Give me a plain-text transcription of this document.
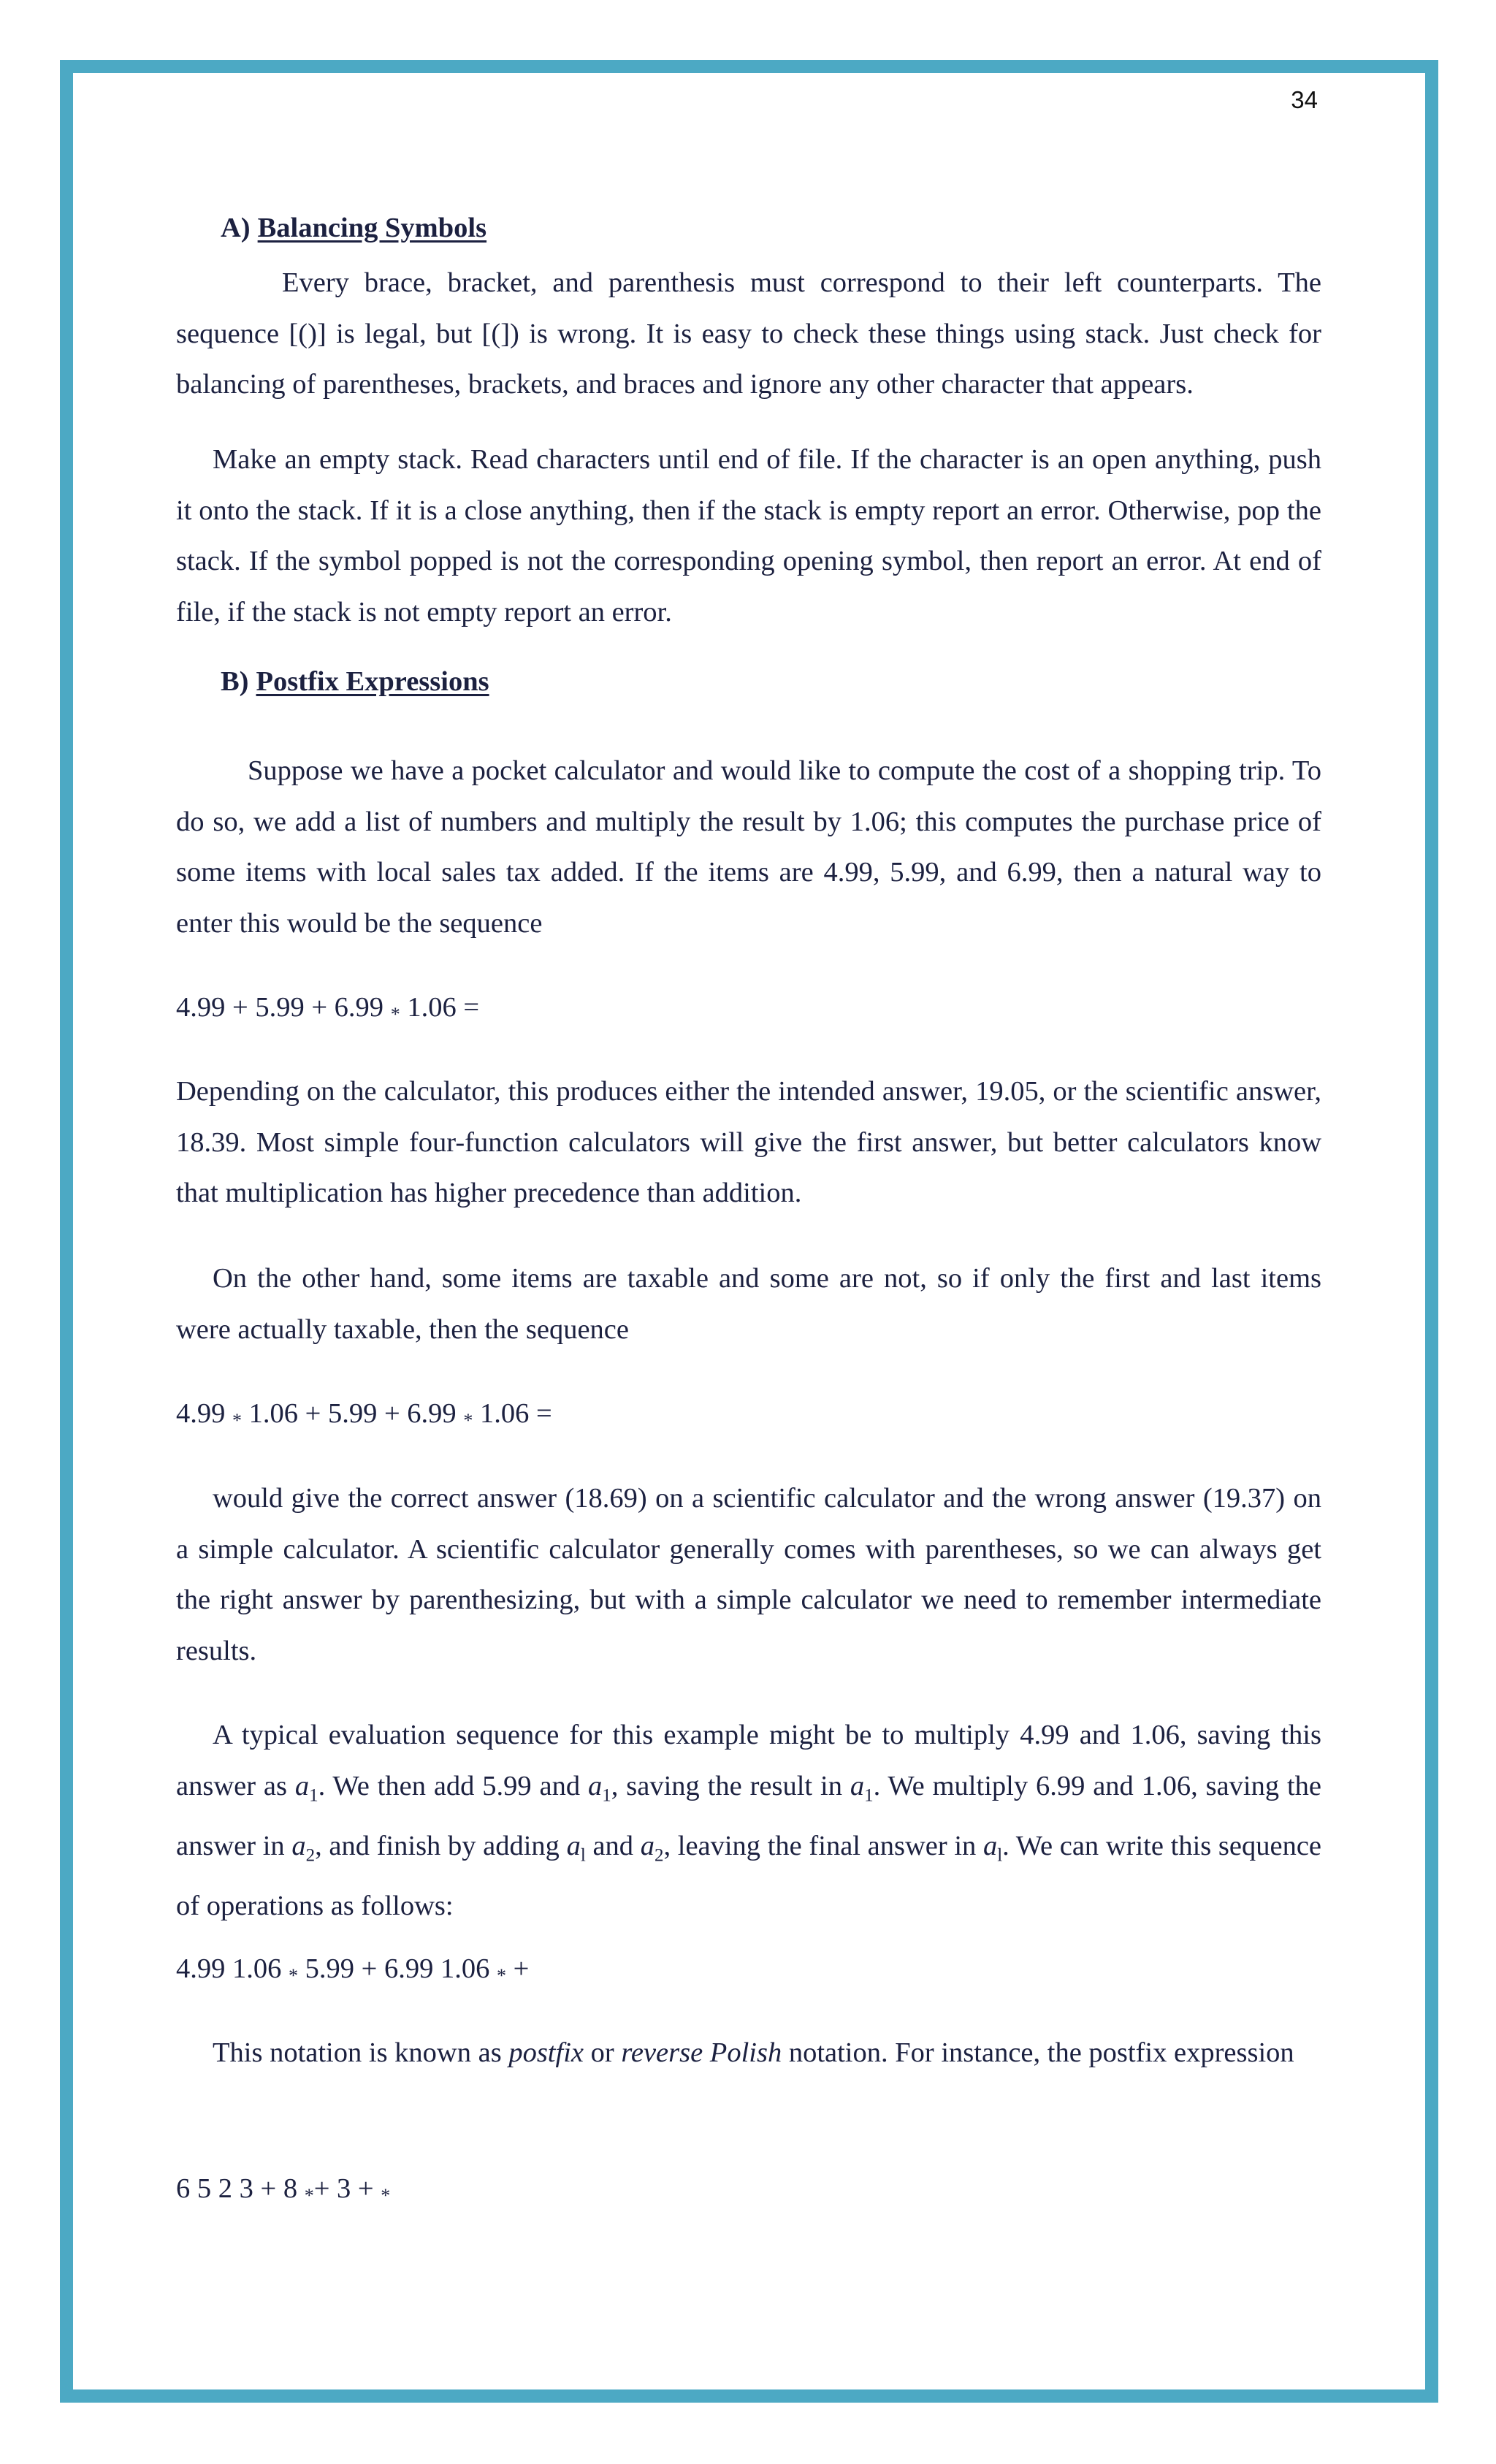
34
A) Balancing Symbols

Every brace, bracket, and parenthesis must correspond to their left counterparts. The sequence [()] is legal, but [(]) is wrong. It is easy to check these things using stack. Just check for balancing of parentheses, brackets, and braces and ignore any other character that appears.

Make an empty stack. Read characters until end of file. If the character is an open anything, push it onto the stack. If it is a close anything, then if the stack is empty report an error. Otherwise, pop the stack. If the symbol popped is not the corresponding opening symbol, then report an error. At end of file, if the stack is not empty report an error.

B) Postfix Expressions

Suppose we have a pocket calculator and would like to compute the cost of a shopping trip. To do so, we add a list of numbers and multiply the result by 1.06; this computes the purchase price of some items with local sales tax added. If the items are 4.99, 5.99, and 6.99, then a natural way to enter this would be the sequence

4.99 + 5.99 + 6.99 * 1.06 =

Depending on the calculator, this produces either the intended answer, 19.05, or the scientific answer, 18.39. Most simple four-function calculators will give the first answer, but better calculators know that multiplication has higher precedence than addition.

On the other hand, some items are taxable and some are not, so if only the first and last items were actually taxable, then the sequence

4.99 * 1.06 + 5.99 + 6.99 * 1.06 =

would give the correct answer (18.69) on a scientific calculator and the wrong answer (19.37) on a simple calculator. A scientific calculator generally comes with parentheses, so we can always get the right answer by parenthesizing, but with a simple calculator we need to remember intermediate results.

A typical evaluation sequence for this example might be to multiply 4.99 and 1.06, saving this answer as $a_1$. We then add 5.99 and $a_1$, saving the result in $a_1$. We multiply 6.99 and 1.06, saving the answer in $a_2$, and finish by adding $a_l$ and $a_2$, leaving the final answer in $a_l$. We can write this sequence of operations as follows:

4.99 1.06 * 5.99 + 6.99 1.06 * +

This notation is known as postfix or reverse Polish notation. For instance, the postfix expression

6 5 2 3 + 8 *+ 3 + *
